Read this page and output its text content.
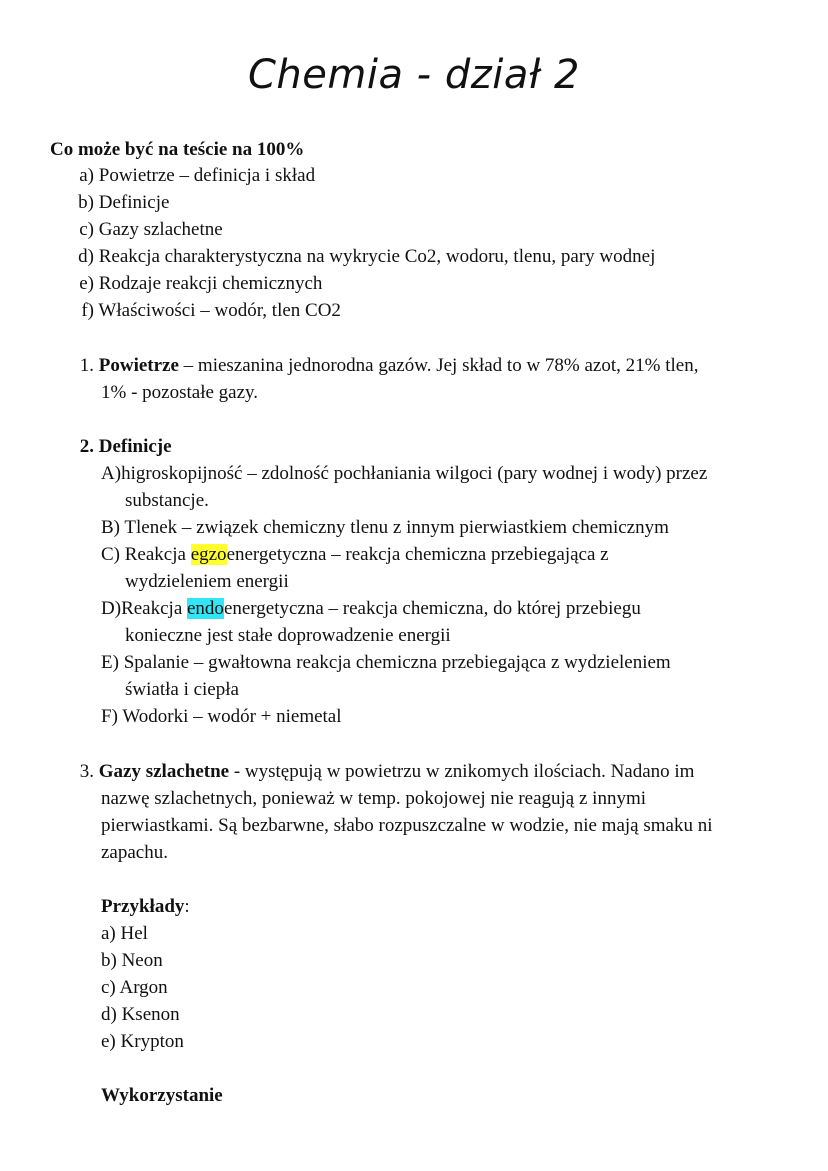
Chemia - dział 2
Co może być na teście na 100%
a) Powietrze – definicja i skład
b) Definicje
c) Gazy szlachetne
d) Reakcja charakterystyczna na wykrycie Co2, wodoru, tlenu, pary wodnej
e) Rodzaje reakcji chemicznych
f) Właściwości – wodór, tlen CO2
1. Powietrze – mieszanina jednorodna gazów. Jej skład to w 78% azot, 21% tlen,
1% - pozostałe gazy.
2. Definicje
A)higroskopijność – zdolność pochłaniania wilgoci (pary wodnej i wody) przez
substancje.
B) Tlenek – związek chemiczny tlenu z innym pierwiastkiem chemicznym
C) Reakcja egzoenergetyczna – reakcja chemiczna przebiegająca z
wydzieleniem energii
D)Reakcja endoenergetyczna – reakcja chemiczna, do której przebiegu
konieczne jest stałe doprowadzenie energii
E) Spalanie – gwałtowna reakcja chemiczna przebiegająca z wydzieleniem
światła i ciepła
F) Wodorki – wodór + niemetal
3. Gazy szlachetne - występują w powietrzu w znikomych ilościach. Nadano im
nazwę szlachetnych, ponieważ w temp. pokojowej nie reagują z innymi
pierwiastkami. Są bezbarwne, słabo rozpuszczalne w wodzie, nie mają smaku ni
zapachu.
Przykłady:
a) Hel
b) Neon
c) Argon
d) Ksenon
e) Krypton
Wykorzystanie
